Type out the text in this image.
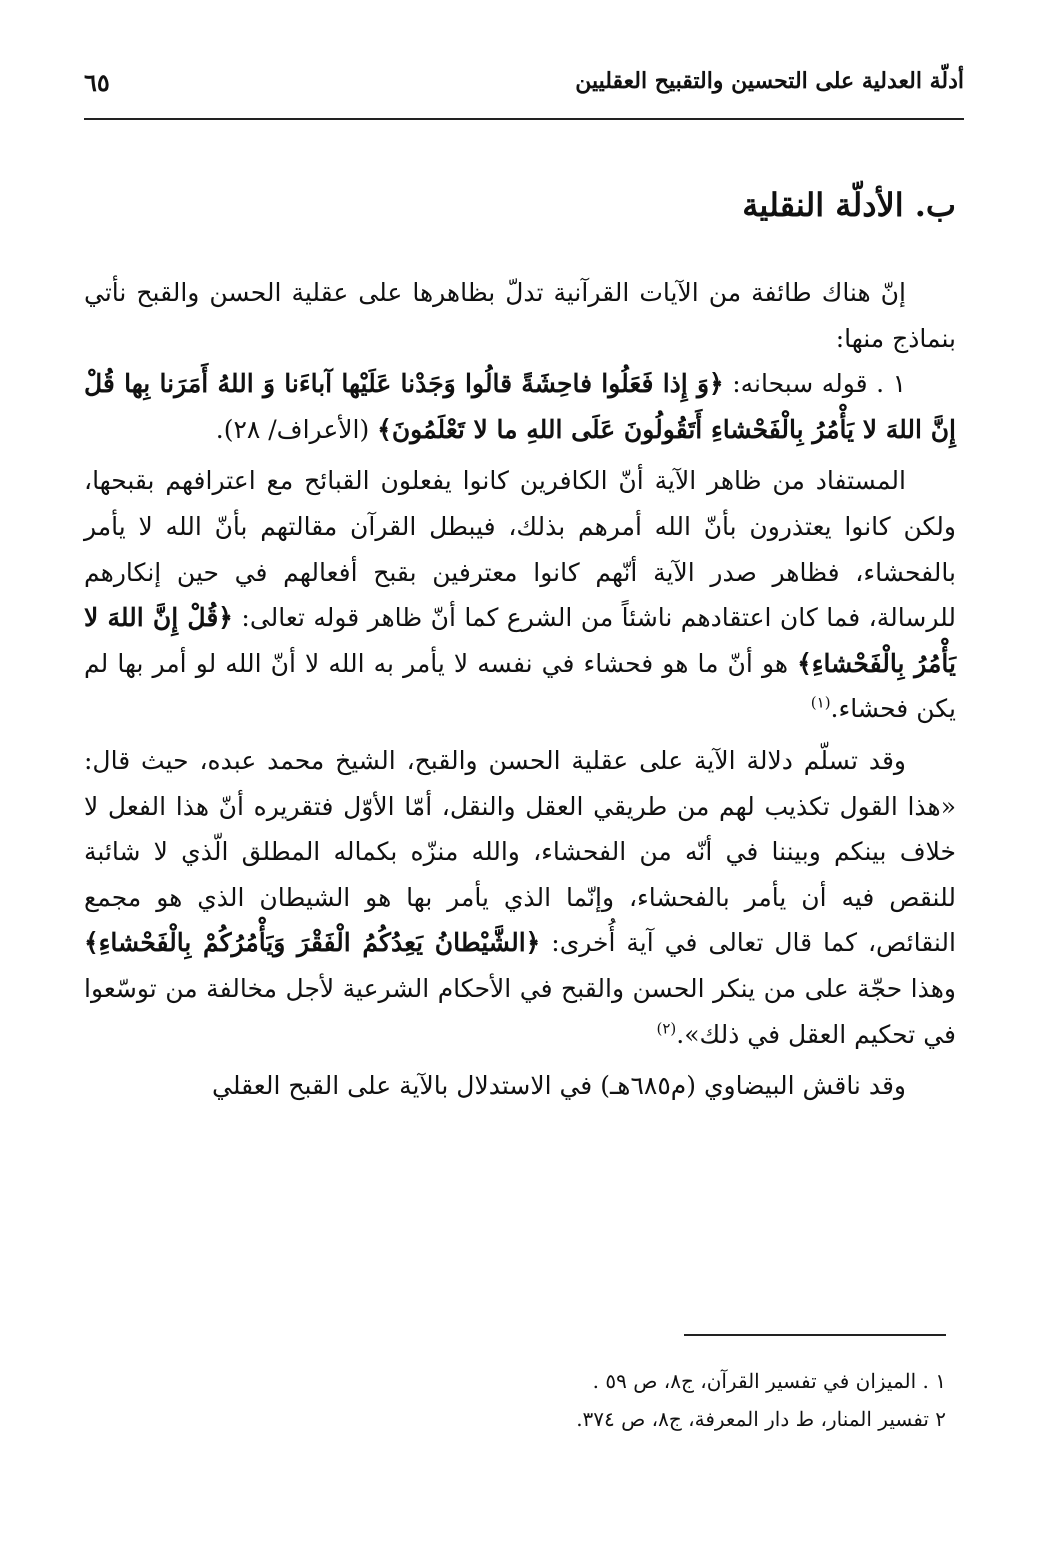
أدلّة العدلية على التحسين والتقبيح العقليين
٦٥
ب. الأدلّة النقلية

إنّ هناك طائفة من الآيات القرآنية تدلّ بظاهرها على عقلية الحسن والقبح نأتي بنماذج منها:

١ . قوله سبحانه: ﴿وَ إِذا فَعَلُوا فاحِشَةً قالُوا وَجَدْنا عَلَيْها آباءَنا وَ اللهُ أَمَرَنا بِها قُلْ إِنَّ اللهَ لا يَأْمُرُ بِالْفَحْشاءِ أَتَقُولُونَ عَلَى اللهِ ما لا تَعْلَمُونَ﴾ (الأعراف/ ٢٨).

المستفاد من ظاهر الآية أنّ الكافرين كانوا يفعلون القبائح مع اعترافهم بقبحها، ولكن كانوا يعتذرون بأنّ الله أمرهم بذلك، فيبطل القرآن مقالتهم بأنّ الله لا يأمر بالفحشاء، فظاهر صدر الآية أنّهم كانوا معترفين بقبح أفعالهم في حين إنكارهم للرسالة، فما كان اعتقادهم ناشئاً من الشرع كما أنّ ظاهر قوله تعالى: ﴿قُلْ إِنَّ اللهَ لا يَأْمُرُ بِالْفَحْشاءِ﴾ هو أنّ ما هو فحشاء في نفسه لا يأمر به الله لا أنّ الله لو أمر بها لم يكن فحشاء.$^{(١)}$

وقد تسلّم دلالة الآية على عقلية الحسن والقبح، الشيخ محمد عبده، حيث قال: «هذا القول تكذيب لهم من طريقي العقل والنقل، أمّا الأوّل فتقريره أنّ هذا الفعل لا خلاف بينكم وبيننا في أنّه من الفحشاء، والله منزّه بكماله المطلق الّذي لا شائبة للنقص فيه أن يأمر بالفحشاء، وإنّما الذي يأمر بها هو الشيطان الذي هو مجمع النقائص، كما قال تعالى في آية أُخرى: ﴿الشَّيْطانُ يَعِدُكُمُ الْفَقْرَ وَيَأْمُرُكُمْ بِالْفَحْشاءِ﴾ وهذا حجّة على من ينكر الحسن والقبح في الأحكام الشرعية لأجل مخالفة من توسّعوا في تحكيم العقل في ذلك».$^{(٢)}$

وقد ناقش البيضاوي (م٦٨٥هـ) في الاستدلال بالآية على القبح العقلي

١ . الميزان في تفسير القرآن، ج٨، ص ٥٩ .

٢ تفسير المنار، ط دار المعرفة، ج٨، ص ٣٧٤.
